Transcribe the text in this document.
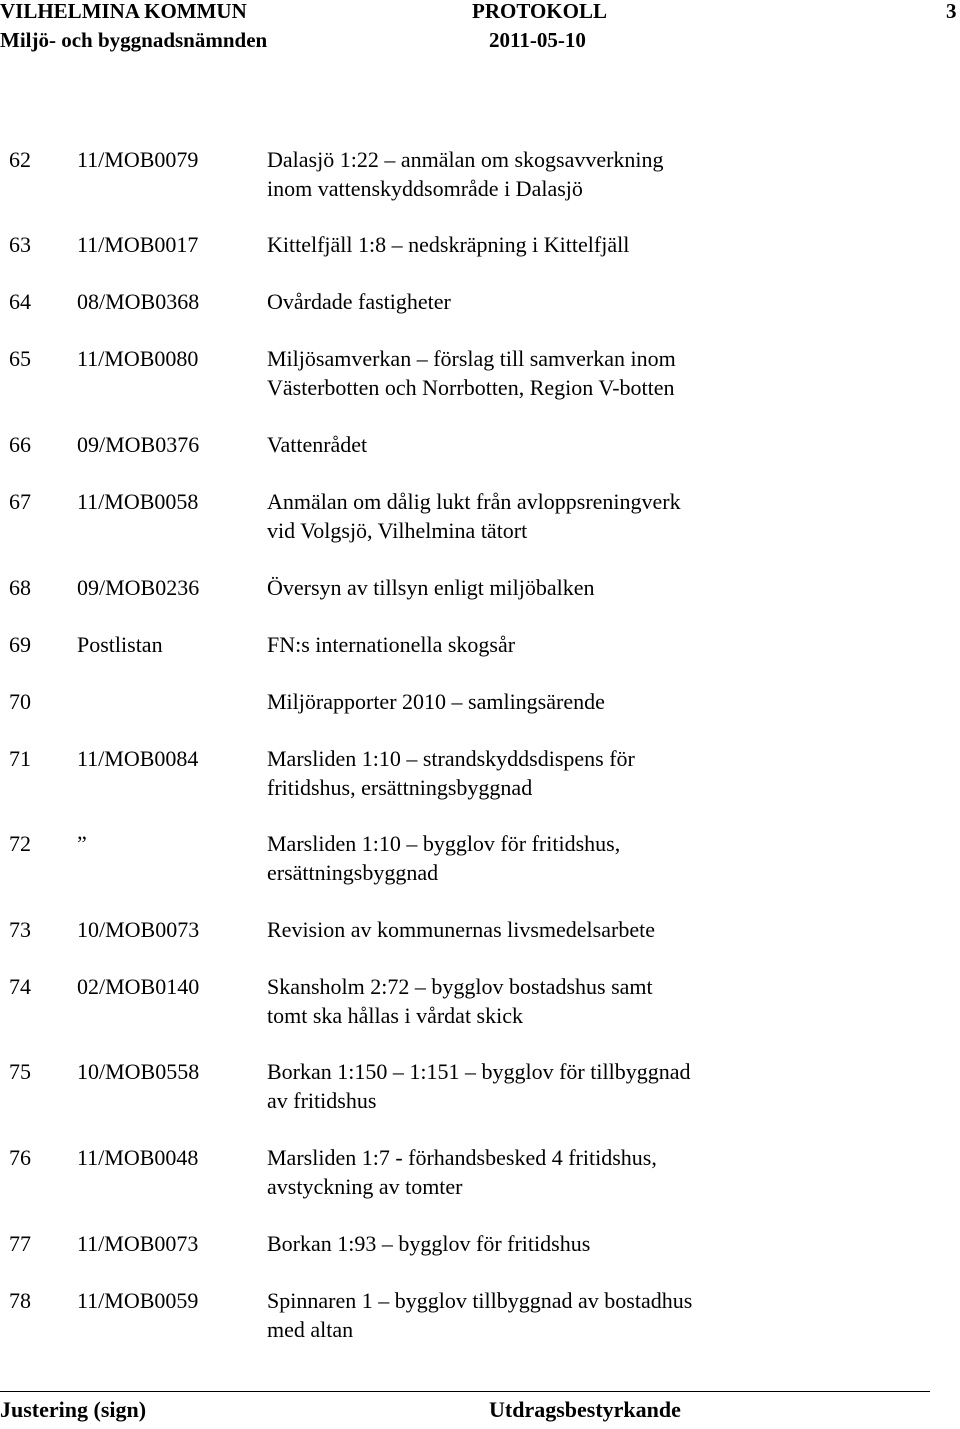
VILHELMINA KOMMUN	PROTOKOLL	3
Miljö- och byggnadsnämnden	2011-05-10
62 11/MOB0079	Dalasjö 1:22 – anmälan om skogsavverkning
inom vattenskyddsområde i Dalasjö
63 11/MOB0017	Kittelfjäll 1:8 – nedskräpning i Kittelfjäll
64 08/MOB0368	Ovårdade fastigheter
65 11/MOB0080	Miljösamverkan – förslag till samverkan inom
Västerbotten och Norrbotten, Region V-botten
66 09/MOB0376	Vattenrådet
67 11/MOB0058	Anmälan om dålig lukt från avloppsreningverk
vid Volgsjö, Vilhelmina tätort
68 09/MOB0236	Översyn av tillsyn enligt miljöbalken
69 Postlistan	FN:s internationella skogsår
70	Miljörapporter 2010 – samlingsärende
71 11/MOB0084	Marsliden 1:10 – strandskyddsdispens för
fritidshus, ersättningsbyggnad
72 ”	Marsliden 1:10 – bygglov för fritidshus,
ersättningsbyggnad
73 10/MOB0073	Revision av kommunernas livsmedelsarbete
74 02/MOB0140	Skansholm 2:72 – bygglov bostadshus samt
tomt ska hållas i vårdat skick
75 10/MOB0558	Borkan 1:150 – 1:151 – bygglov för tillbyggnad
av fritidshus
76 11/MOB0048	Marsliden 1:7 - förhandsbesked 4 fritidshus,
avstyckning av tomter
77 11/MOB0073	Borkan 1:93 – bygglov för fritidshus
78 11/MOB0059	Spinnaren 1 – bygglov tillbyggnad av bostadhus
med altan
Justering (sign)	Utdragsbestyrkande
